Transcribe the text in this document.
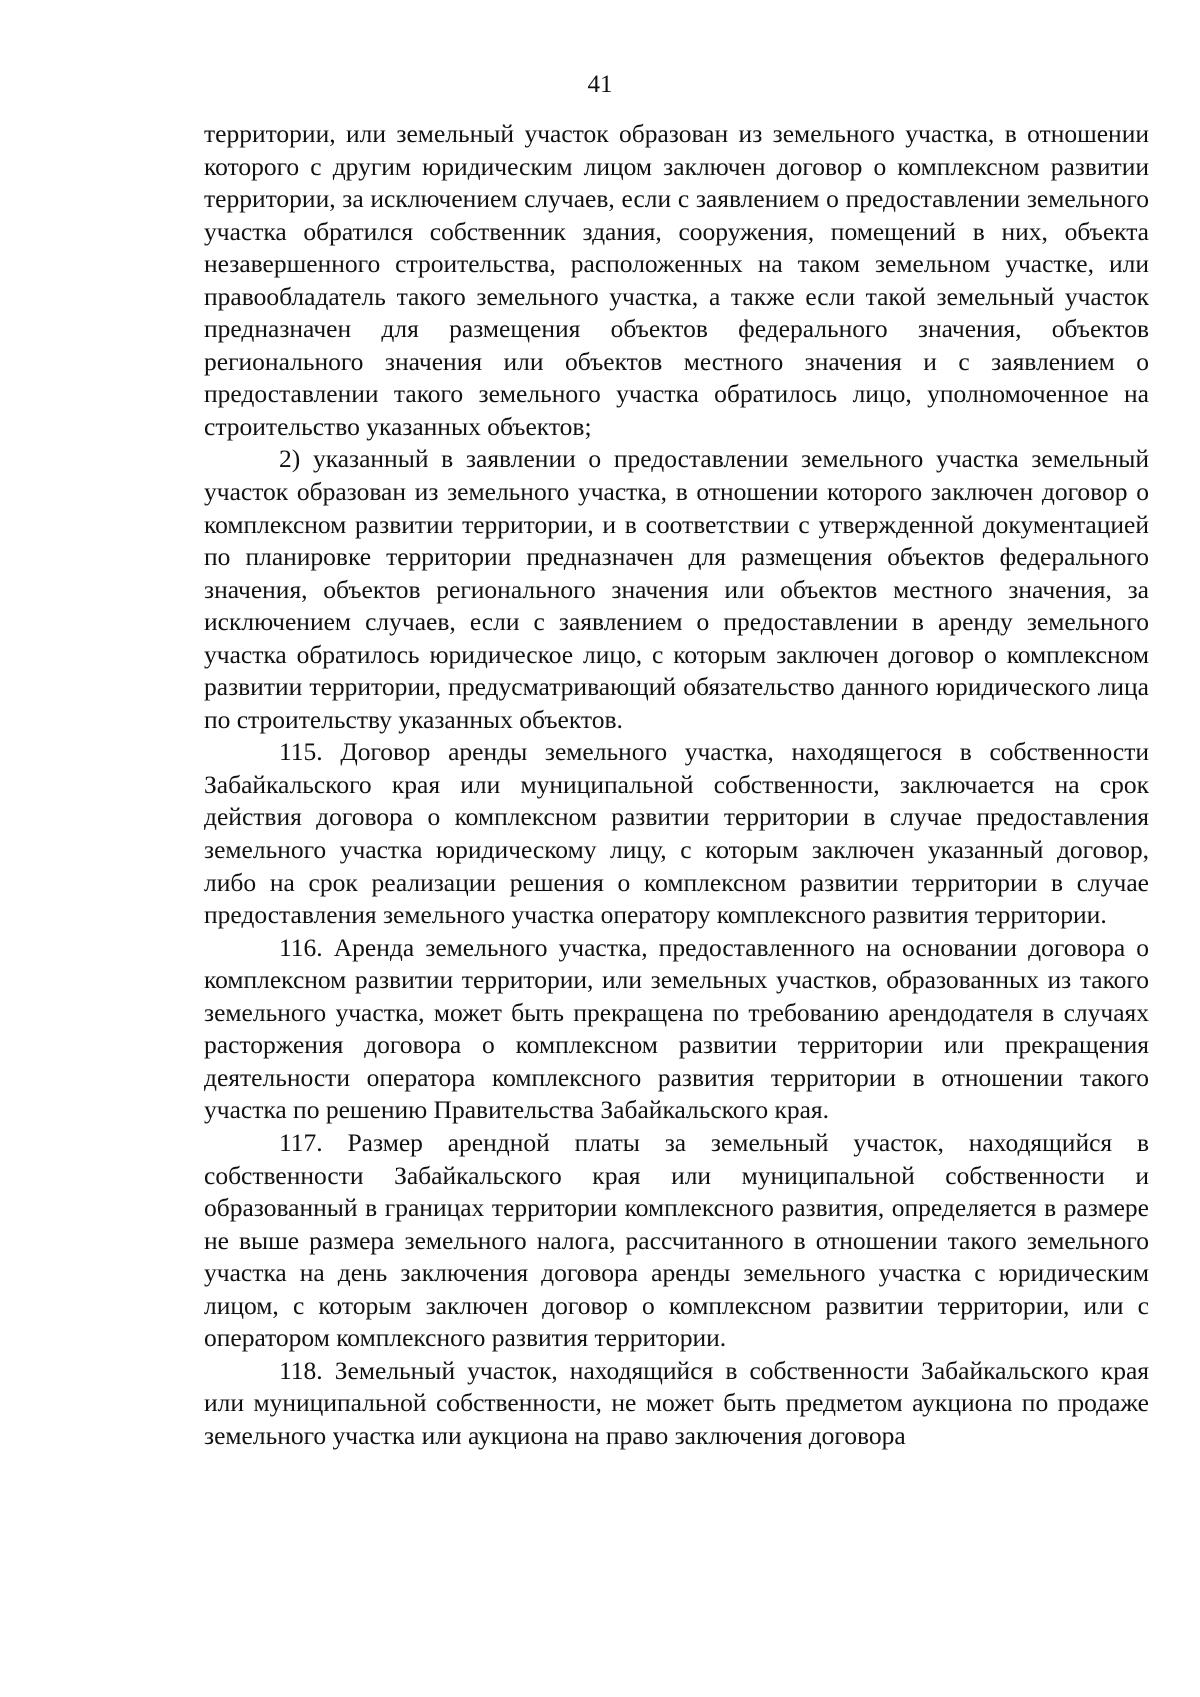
41

территории, или земельный участок образован из земельного участка, в отношении которого с другим юридическим лицом заключен договор о комплексном развитии территории, за исключением случаев, если с заявлением о предоставлении земельного участка обратился собственник здания, сооружения, помещений в них, объекта незавершенного строительства, расположенных на таком земельном участке, или правообладатель такого земельного участка, а также если такой земельный участок предназначен для размещения объектов федерального значения, объектов регионального значения или объектов местного значения и с заявлением о предоставлении такого земельного участка обратилось лицо, уполномоченное на строительство указанных объектов;

2) указанный в заявлении о предоставлении земельного участка земельный участок образован из земельного участка, в отношении которого заключен договор о комплексном развитии территории, и в соответствии с утвержденной документацией по планировке территории предназначен для размещения объектов федерального значения, объектов регионального значения или объектов местного значения, за исключением случаев, если с заявлением о предоставлении в аренду земельного участка обратилось юридическое лицо, с которым заключен договор о комплексном развитии территории, предусматривающий обязательство данного юридического лица по строительству указанных объектов.

115. Договор аренды земельного участка, находящегося в собственности Забайкальского края или муниципальной собственности, заключается на срок действия договора о комплексном развитии территории в случае предоставления земельного участка юридическому лицу, с которым заключен указанный договор, либо на срок реализации решения о комплексном развитии территории в случае предоставления земельного участка оператору комплексного развития территории.

116. Аренда земельного участка, предоставленного на основании договора о комплексном развитии территории, или земельных участков, образованных из такого земельного участка, может быть прекращена по требованию арендодателя в случаях расторжения договора о комплексном развитии территории или прекращения деятельности оператора комплексного развития территории в отношении такого участка по решению Правительства Забайкальского края.

117. Размер арендной платы за земельный участок, находящийся в собственности Забайкальского края или муниципальной собственности и образованный в границах территории комплексного развития, определяется в размере не выше размера земельного налога, рассчитанного в отношении такого земельного участка на день заключения договора аренды земельного участка с юридическим лицом, с которым заключен договор о комплексном развитии территории, или с оператором комплексного развития территории.

118. Земельный участок, находящийся в собственности Забайкальского края или муниципальной собственности, не может быть предметом аукциона по продаже земельного участка или аукциона на право заключения договора
